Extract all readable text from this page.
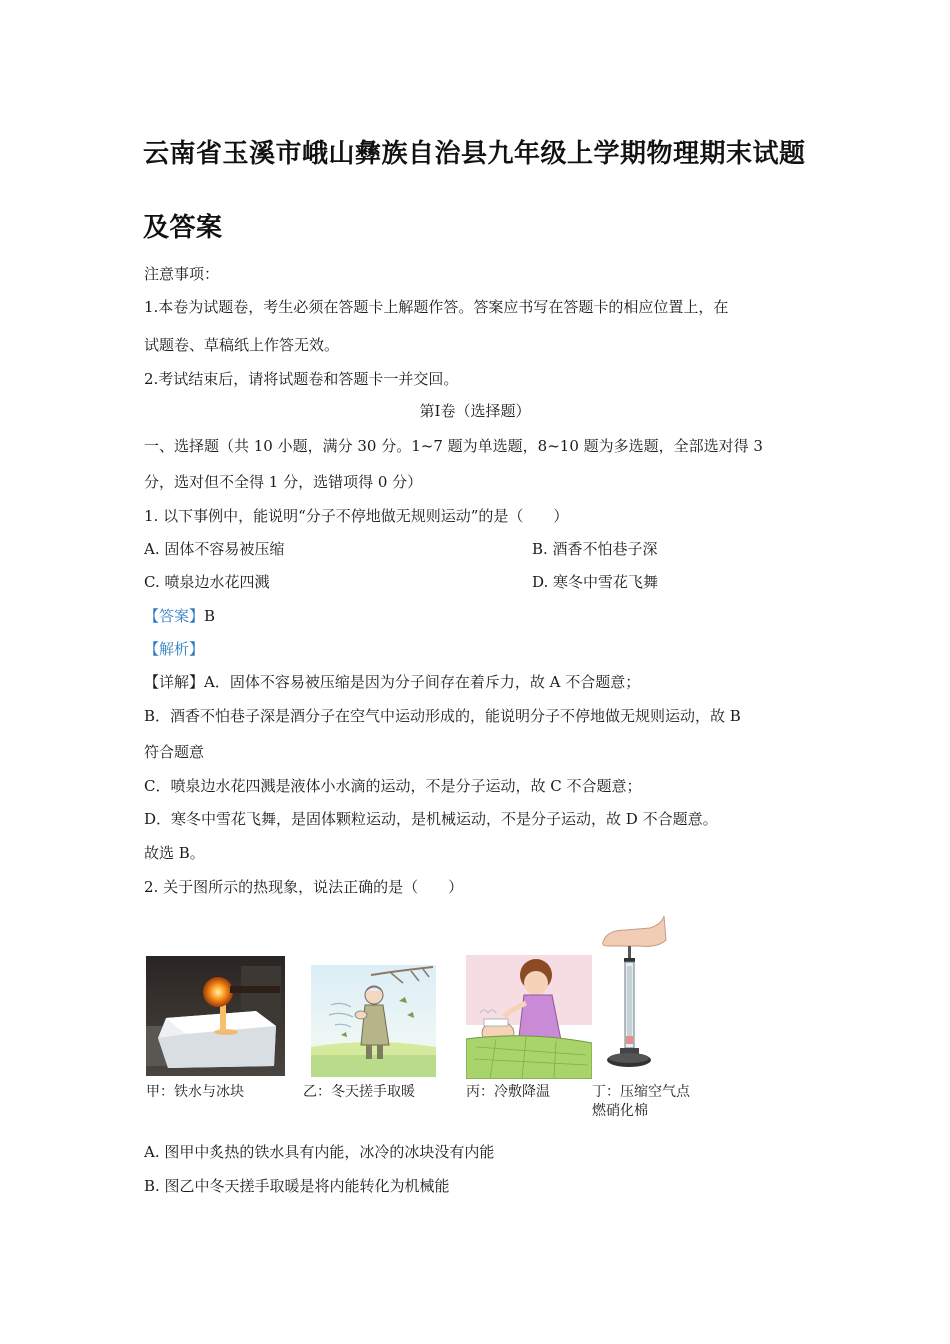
云南省玉溪市峨山彝族自治县九年级上学期物理期末试题
及答案
注意事项：
1.本卷为试题卷，考生必须在答题卡上解题作答。答案应书写在答题卡的相应位置上，在
试题卷、草稿纸上作答无效。
2.考试结束后，请将试题卷和答题卡一并交回。
第Ⅰ卷（选择题）
一、选择题（共 10 小题，满分 30 分。1~7 题为单选题，8~10 题为多选题，全部选对得 3
分，选对但不全得 1 分，选错项得 0 分）
1. 以下事例中，能说明“分子不停地做无规则运动”的是（　　）
A. 固体不容易被压缩	B. 酒香不怕巷子深
C. 喷泉边水花四溅	D. 寒冬中雪花飞舞
【答案】B
【解析】
【详解】A．固体不容易被压缩是因为分子间存在着斥力，故 A 不合题意；
B．酒香不怕巷子深是酒分子在空气中运动形成的，能说明分子不停地做无规则运动，故 B
符合题意
C．喷泉边水花四溅是液体小水滴的运动，不是分子运动，故 C 不合题意；
D．寒冬中雪花飞舞，是固体颗粒运动，是机械运动，不是分子运动，故 D 不合题意。
故选 B。
2. 关于图所示的热现象，说法正确的是（　　）
甲：铁水与冰块	乙：冬天搓手取暖	丙：冷敷降温	丁：压缩空气点
燃硝化棉
A. 图甲中炙热的铁水具有内能，冰冷的冰块没有内能
B. 图乙中冬天搓手取暖是将内能转化为机械能
